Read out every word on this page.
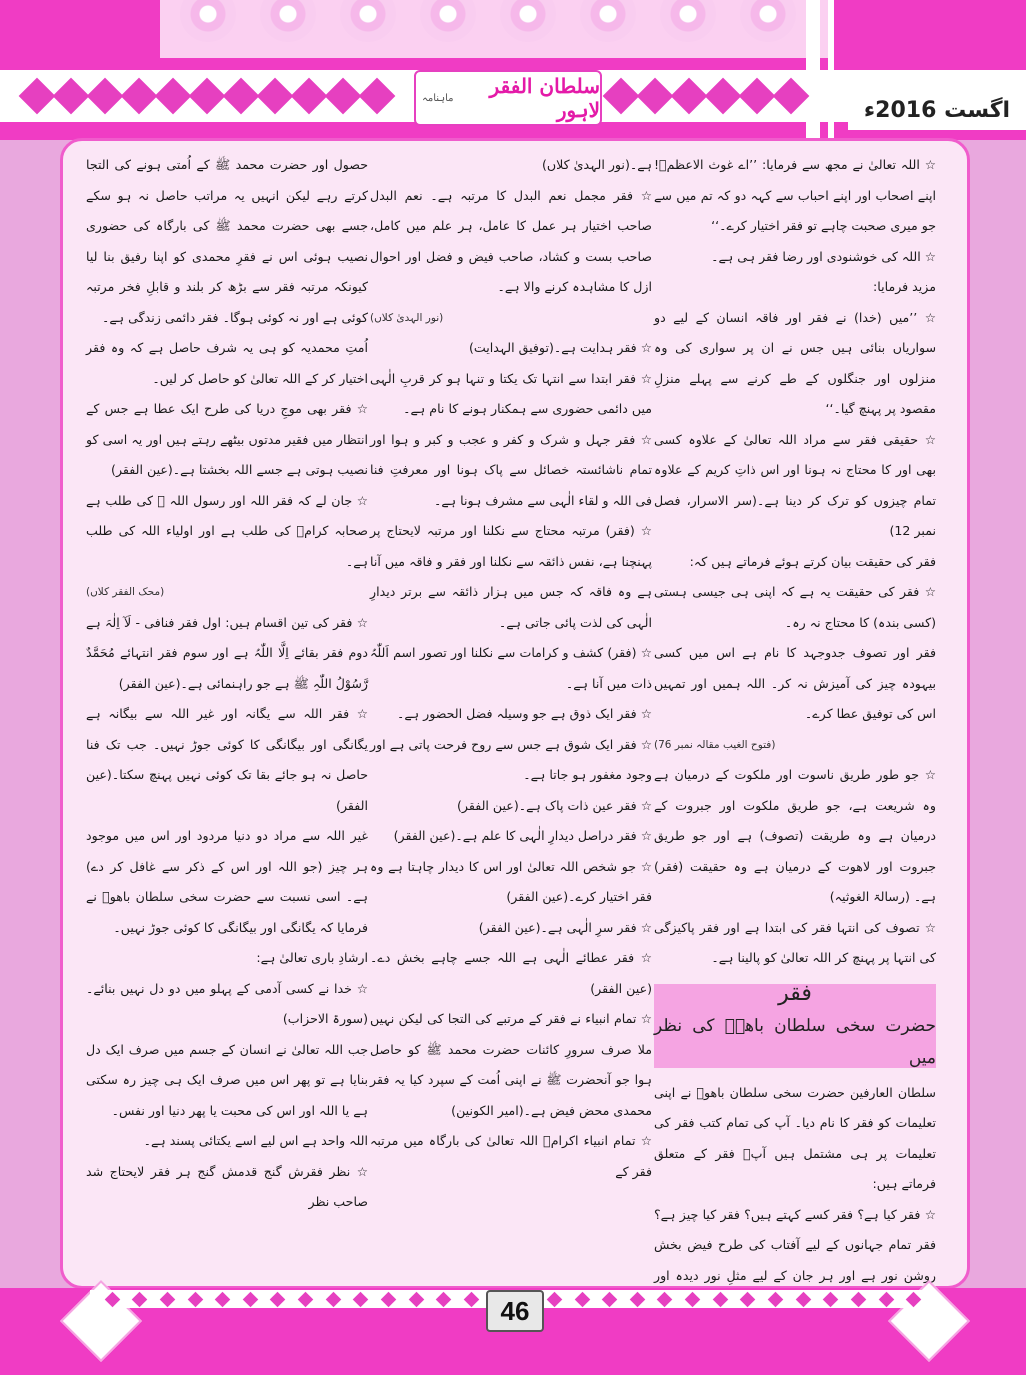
سلطان الفقر لاہور
ماہنامہ	اگست 2016ء

☆ اللہ تعالیٰ نے مجھ سے فرمایا: ’’اے غوث الاعظمؒ! اپنے اصحاب اور اپنے احباب سے کہہ دو کہ تم میں سے جو میری صحبت چاہے تو فقر اختیار کرے۔‘‘

☆ اللہ کی خوشنودی اور رضا فقر ہی ہے۔

مزید فرمایا:

☆ ’’میں (خدا) نے فقر اور فاقہ انسان کے لیے دو سواریاں بنائی ہیں جس نے ان پر سواری کی وہ منزلوں اور جنگلوں کے طے کرنے سے پہلے منزلِ مقصود پر پہنچ گیا۔‘‘

☆ حقیقی فقر سے مراد اللہ تعالیٰ کے علاوہ کسی بھی اور کا محتاج نہ ہونا اور اس ذاتِ کریم کے علاوہ تمام چیزوں کو ترک کر دینا ہے۔(سر الاسرار، فصل نمبر 12)

فقر کی حقیقت بیان کرتے ہوئے فرماتے ہیں کہ:

☆ فقر کی حقیقت یہ ہے کہ اپنی ہی جیسی ہستی (کسی بندہ) کا محتاج نہ رہ۔

فقر اور تصوف جدوجہد کا نام ہے اس میں کسی بیہودہ چیز کی آمیزش نہ کر۔ اللہ ہمیں اور تمہیں اس کی توفیق عطا کرے۔

(فتوح الغیب مقالہ نمبر 76)

☆ جو طور طریق ناسوت اور ملکوت کے درمیان ہے وہ شریعت ہے، جو طریق ملکوت اور جبروت کے درمیان ہے وہ طریقت (تصوف) ہے اور جو طریق جبروت اور لاھوت کے درمیان ہے وہ حقیقت (فقر) ہے۔ (رسالۃ الغوثیہ)

☆ تصوف کی انتہا فقر کی ابتدا ہے اور فقر پاکیزگی کی انتہا پر پہنچ کر اللہ تعالیٰ کو پالینا ہے۔

فقر
حضرت سخی سلطان باھوؒ کی نظر میں

سلطان العارفین حضرت سخی سلطان باھوؒ نے اپنی تعلیمات کو فقر کا نام دیا۔ آپ کی تمام کتب فقر کی تعلیمات پر ہی مشتمل ہیں آپؒ فقر کے متعلق فرماتے ہیں:

☆ فقر کیا ہے؟ فقر کسے کہتے ہیں؟ فقر کیا چیز ہے؟ فقر تمام جہانوں کے لیے آفتاب کی طرح فیض بخش روشن نور ہے اور ہر جان کے لیے مثلِ نور دیدہ اور

ہے۔(نور الہدیٰ کلاں)

☆ فقر مجمل نعم البدل کا مرتبہ ہے۔ نعم البدل صاحب اختیار ہر عمل کا عامل، ہر علم میں کامل، صاحب بست و کشاد، صاحب فیض و فضل اور احوال ازل کا مشاہدہ کرنے والا ہے۔

(نور الہدیٰ کلاں)

☆ فقر ہدایت ہے۔(توفیق الہدایت)

☆ فقر ابتدا سے انتہا تک یکتا و تنہا ہو کر قربِ الٰہی میں دائمی حضوری سے ہمکنار ہونے کا نام ہے۔

☆ فقر جہل و شرک و کفر و عجب و کبر و ہوا اور تمام ناشائستہ خصائل سے پاک ہونا اور معرفتِ فنا فی اللہ و لقاء الٰہی سے مشرف ہونا ہے۔

☆ (فقر) مرتبہ محتاج سے نکلنا اور مرتبہ لایحتاج پر پہنچنا ہے، نفس ذائقہ سے نکلنا اور فقر و فاقہ میں آنا ہے وہ فاقہ کہ جس میں ہزار ذائقہ سے برتر دیدارِ الٰہی کی لذت پائی جاتی ہے۔

☆ (فقر) کشف و کرامات سے نکلنا اور تصور اسم اَللّٰہُ ذات میں آنا ہے۔

☆ فقر ایک ذوق ہے جو وسیلہ فضل الحضور ہے۔

☆ فقر ایک شوق ہے جس سے روح فرحت پاتی ہے اور وجود مغفور ہو جاتا ہے۔

☆ فقر عین ذات پاک ہے۔(عین الفقر)

☆ فقر دراصل دیدارِ الٰہی کا علم ہے۔(عین الفقر)

☆ جو شخص اللہ تعالیٰ اور اس کا دیدار چاہتا ہے وہ فقر اختیار کرے۔(عین الفقر)

☆ فقر سرِ الٰہی ہے۔(عین الفقر)

☆ فقر عطائے الٰہی ہے اللہ جسے چاہے بخش دے۔(عین الفقر)

☆ تمام انبیاء نے فقر کے مرتبے کی التجا کی لیکن نہیں ملا صرف سرورِ کائنات حضرت محمد ﷺ کو حاصل ہوا جو آنحضرت ﷺ نے اپنی اُمت کے سپرد کیا یہ فقر محمدی محض فیض ہے۔(امیر الکونین)

☆ تمام انبیاء اکرامؑ اللہ تعالیٰ کی بارگاہ میں مرتبہ فقر کے

حصول اور حضرت محمد ﷺ کے اُمتی ہونے کی التجا کرتے رہے لیکن انہیں یہ مراتب حاصل نہ ہو سکے جسے بھی حضرت محمد ﷺ کی بارگاہ کی حضوری نصیب ہوئی اس نے فقرِ محمدی کو اپنا رفیق بنا لیا کیونکہ مرتبہ فقر سے بڑھ کر بلند و قابلِ فخر مرتبہ کوئی ہے اور نہ کوئی ہوگا۔ فقر دائمی زندگی ہے۔

اُمتِ محمدیہ کو ہی یہ شرف حاصل ہے کہ وہ فقر اختیار کر کے اللہ تعالیٰ کو حاصل کر لیں۔

☆ فقر بھی موجِ دریا کی طرح ایک عطا ہے جس کے انتظار میں فقیر مدتوں بیٹھے رہتے ہیں اور یہ اسی کو نصیب ہوتی ہے جسے اللہ بخشتا ہے۔(عین الفقر)

☆ جان لے کہ فقر اللہ اور رسول اللہ ﷺ کی طلب ہے صحابہ کرامؓ کی طلب ہے اور اولیاء اللہ کی طلب ہے۔

(محک الفقر کلاں)

☆ فقر کی تین اقسام ہیں: اول فقر فنافی - لَآ اِلٰہَ ہے دوم فقر بقائے اِلَّا اللّٰہُ ہے اور سوم فقر انتہائے مُحَمَّدٌ رَّسُوْلُ اللّٰہِ ﷺ ہے جو راہنمائی ہے۔(عین الفقر)

☆ فقر اللہ سے یگانہ اور غیر اللہ سے بیگانہ ہے یگانگی اور بیگانگی کا کوئی جوڑ نہیں۔ جب تک فنا حاصل نہ ہو جائے بقا تک کوئی نہیں پہنچ سکتا۔(عین الفقر)

غیر اللہ سے مراد دو دنیا مردود اور اس میں موجود ہر چیز (جو اللہ اور اس کے ذکر سے غافل کر دے) ہے۔ اسی نسبت سے حضرت سخی سلطان باھوؒ نے فرمایا کہ یگانگی اور بیگانگی کا کوئی جوڑ نہیں۔

ارشادِ باری تعالیٰ ہے:

☆ خدا نے کسی آدمی کے پہلو میں دو دل نہیں بنائے۔(سورۃ الاحزاب)

جب اللہ تعالیٰ نے انسان کے جسم میں صرف ایک دل بنایا ہے تو پھر اس میں صرف ایک ہی چیز رہ سکتی ہے یا اللہ اور اس کی محبت یا پھر دنیا اور نفس۔

اللہ واحد ہے اس لیے اسے یکتائی پسند ہے۔

☆ نظر فقرش گنج قدمش گنج ہر فقر لایحتاج شد صاحب نظر

46
